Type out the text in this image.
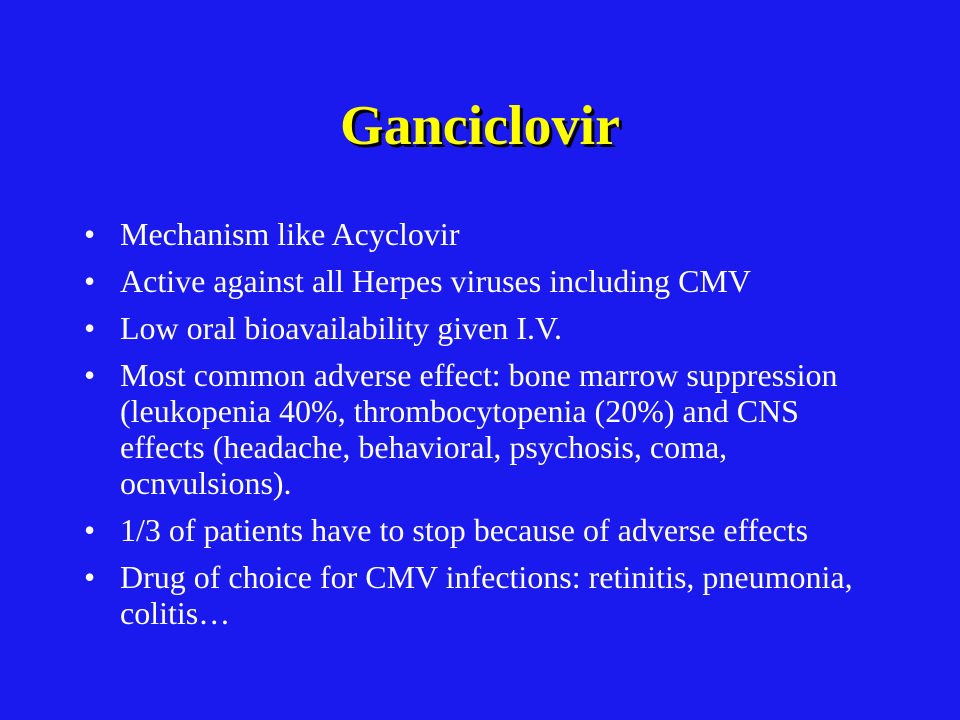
Ganciclovir
• Mechanism like Acyclovir
• Active against all Herpes viruses including CMV
• Low oral bioavailability given I.V.
• Most common adverse effect: bone marrow suppression (leukopenia 40%, thrombocytopenia (20%) and CNS effects (headache, behavioral, psychosis, coma, ocnvulsions).
• 1/3 of patients have to stop because of adverse effects
• Drug of choice for CMV infections: retinitis, pneumonia, colitis…
